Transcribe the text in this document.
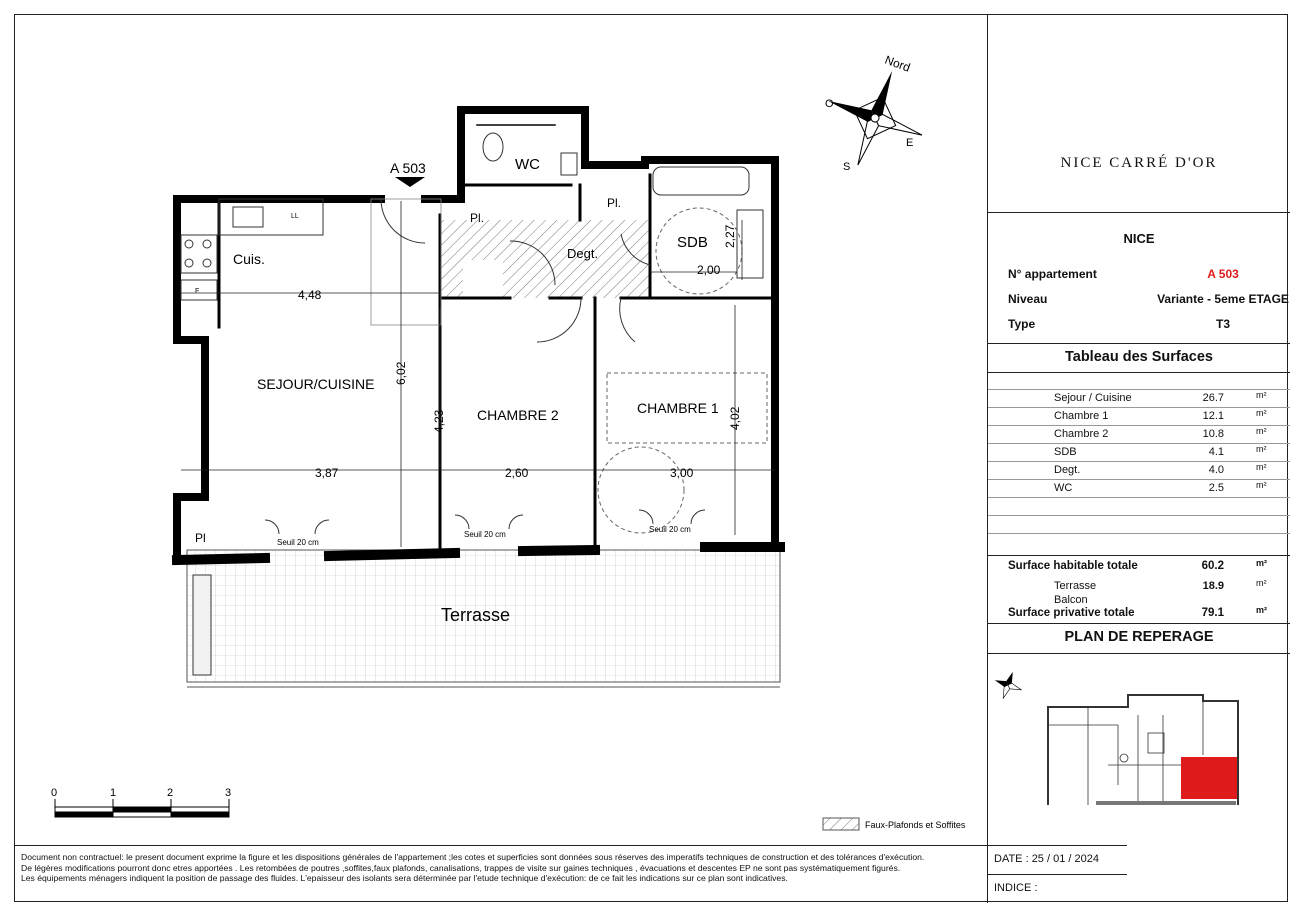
Nord
O
E
S
A 503
LL
F	4,48
6,02
3,87
4,23
2,60	3,00
4,02
2,27
2,00
WC
Pl.
Pl.
Pl
Degt.
SDB
Cuis.
SEJOUR/CUISINE
CHAMBRE 2	CHAMBRE 1
Terrasse
Seuil 20 cm
Seuil 20 cm
Seuil 20 cm
0	1	2	3
Faux-Plafonds et Soffites
NICE CARRÉ D'OR
NICE
N° appartement	A 503
Niveau	Variante - 5eme ETAGE
Type	T3
Tableau des Surfaces
Sejour / Cuisine	26.7	m²
Chambre 1	12.1	m²
Chambre 2	10.8	m²
SDB	4.1	m²
Degt.	4.0	m²
WC	2.5	m²
Surface habitable totale	60.2	m²
Terrasse	18.9	m²
Balcon
Surface privative totale	79.1	m²
PLAN DE REPERAGE
Document non contractuel: le present document exprime la figure et les dispositions générales de l'appartement ;les cotes et superficies sont données sous réserves des imperatifs techniques de construction et des tolérances d'exécution.
De légères modifications pourront donc etres apportées . Les retombées de poutres ,soffites,faux plafonds, canalisations, trappes de visite sur gaines techniques , évacuations et descentes EP ne sont pas systématiquement figurés.
Les équipements ménagers indiquent la position de passage des fluides. L'epaisseur des isolants sera déterminée par l'etude technique d'exécution: de ce fait les indications sur ce plan sont indicatives.
DATE : 25 / 01 / 2024
INDICE :
